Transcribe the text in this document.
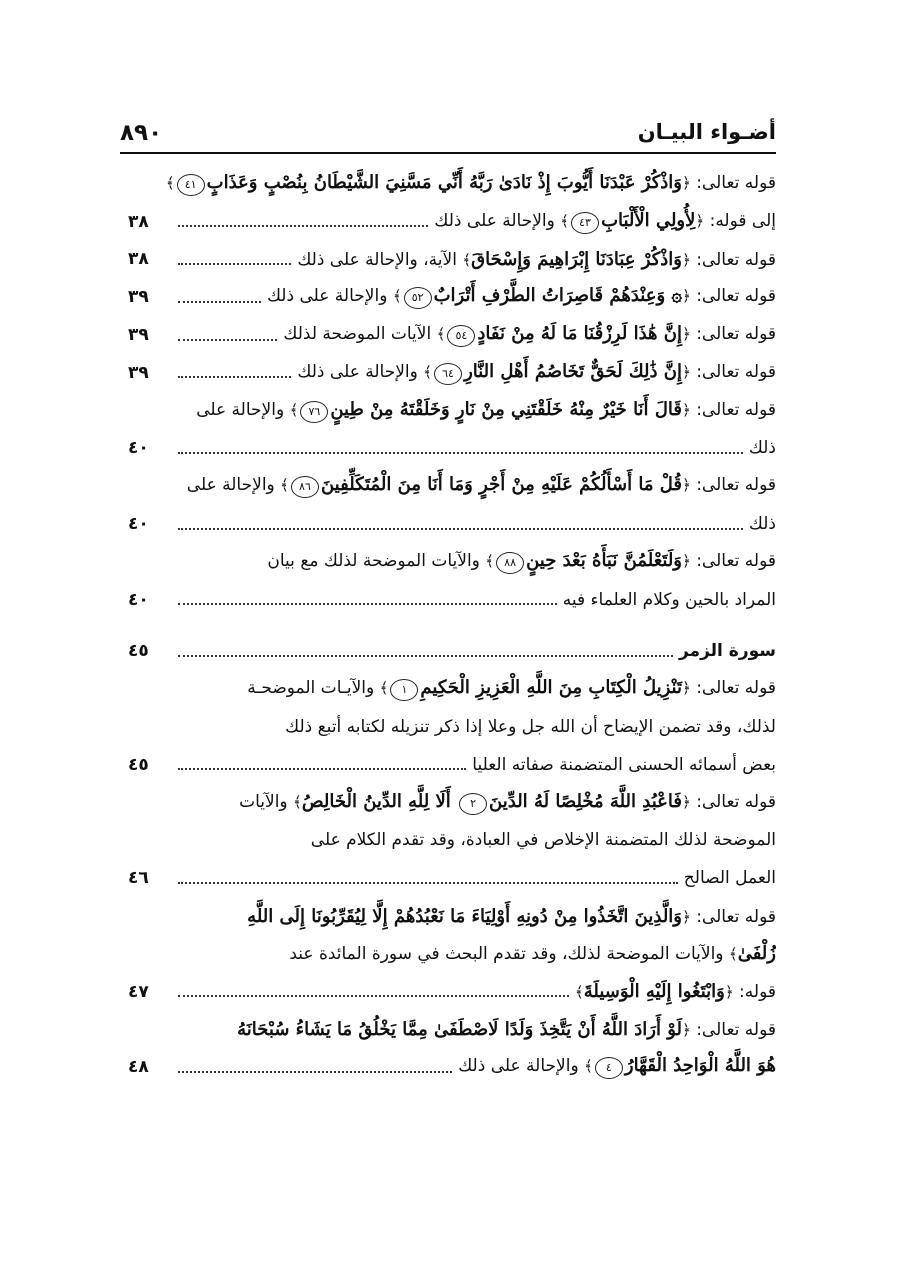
أضـواء البيـان
٨٩٠
قوله تعالى: ﴿وَاذْكُرْ عَبْدَنَا أَيُّوبَ إِذْ نَادَىٰ رَبَّهُ أَنِّي مَسَّنِيَ الشَّيْطَانُ بِنُصْبٍ وَعَذَابٍ٤١﴾
إلى قوله: ﴿لِأُولِي الْأَلْبَابِ٤٣﴾ والإحالة على ذلك
٣٨
قوله تعالى: ﴿وَاذْكُرْ عِبَادَنَا إِبْرَاهِيمَ وَإِسْحَاقَ﴾ الآية، والإحالة على ذلك
٣٨
قوله تعالى: ﴿۞ وَعِنْدَهُمْ قَاصِرَاتُ الطَّرْفِ أَتْرَابٌ٥٢﴾ والإحالة على ذلك
٣٩
قوله تعالى: ﴿إِنَّ هَٰذَا لَرِزْقُنَا مَا لَهُ مِنْ نَفَادٍ٥٤﴾ الآيات الموضحة لذلك
٣٩
قوله تعالى: ﴿إِنَّ ذَٰلِكَ لَحَقٌّ تَخَاصُمُ أَهْلِ النَّارِ٦٤﴾ والإحالة على ذلك
٣٩
قوله تعالى: ﴿قَالَ أَنَا خَيْرٌ مِنْهُ خَلَقْتَنِي مِنْ نَارٍ وَخَلَقْتَهُ مِنْ طِينٍ٧٦﴾ والإحالة على
ذلك
٤٠
قوله تعالى: ﴿قُلْ مَا أَسْأَلُكُمْ عَلَيْهِ مِنْ أَجْرٍ وَمَا أَنَا مِنَ الْمُتَكَلِّفِينَ٨٦﴾ والإحالة على
ذلك
٤٠
قوله تعالى: ﴿وَلَتَعْلَمُنَّ نَبَأَهُ بَعْدَ حِينٍ٨٨﴾ والآيات الموضحة لذلك مع بيان
المراد بالحين وكلام العلماء فيه
٤٠
سورة الزمر
٤٥
قوله تعالى: ﴿تَنْزِيلُ الْكِتَابِ مِنَ اللَّهِ الْعَزِيزِ الْحَكِيمِ١﴾ والآيـات الموضحـة
لذلك، وقد تضمن الإيضاح أن الله جل وعلا إذا ذكر تنزيله لكتابه أتبع ذلك
بعض أسمائه الحسنى المتضمنة صفاته العليا
٤٥
قوله تعالى: ﴿فَاعْبُدِ اللَّهَ مُخْلِصًا لَهُ الدِّينَ٢ أَلَا لِلَّهِ الدِّينُ الْخَالِصُ﴾ والآيات
الموضحة لذلك المتضمنة الإخلاص في العبادة، وقد تقدم الكلام على
العمل الصالح
٤٦
قوله تعالى: ﴿وَالَّذِينَ اتَّخَذُوا مِنْ دُونِهِ أَوْلِيَاءَ مَا نَعْبُدُهُمْ إِلَّا لِيُقَرِّبُونَا إِلَى اللَّهِ
زُلْفَىٰ﴾ والآيات الموضحة لذلك، وقد تقدم البحث في سورة المائدة عند
قوله: ﴿وَابْتَغُوا إِلَيْهِ الْوَسِيلَةَ﴾
٤٧
قوله تعالى: ﴿لَوْ أَرَادَ اللَّهُ أَنْ يَتَّخِذَ وَلَدًا لَاصْطَفَىٰ مِمَّا يَخْلُقُ مَا يَشَاءُ سُبْحَانَهُ
هُوَ اللَّهُ الْوَاحِدُ الْقَهَّارُ٤﴾ والإحالة على ذلك
٤٨
